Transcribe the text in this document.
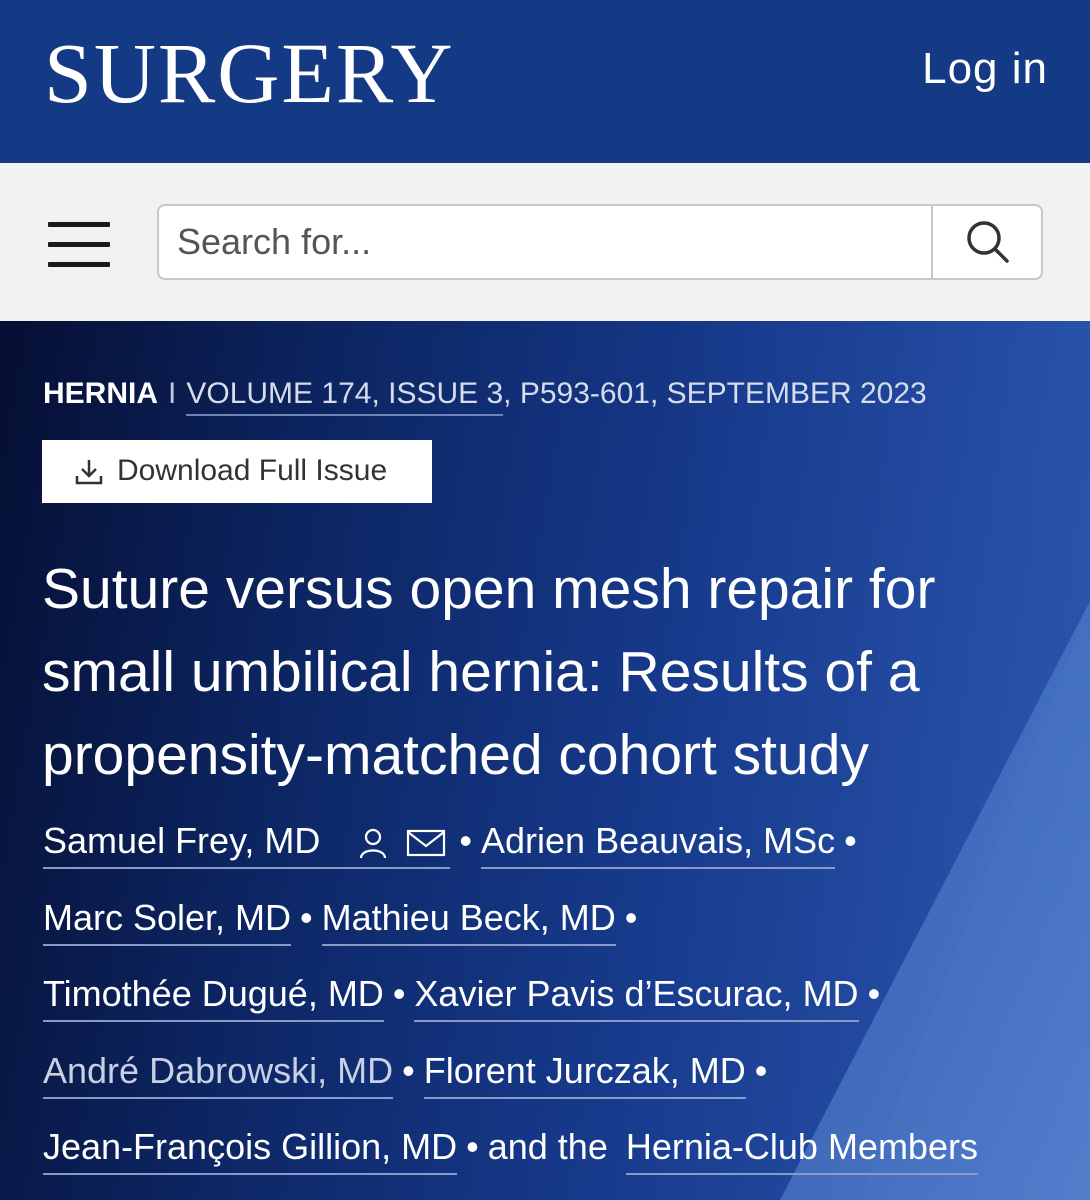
SURGERY	Log in
Search for...
HERNIA I VOLUME 174, ISSUE 3, P593-601, SEPTEMBER 2023
Download Full Issue
Suture versus open mesh repair for small umbilical hernia: Results of a propensity-matched cohort study
Samuel Frey, MD	• Adrien Beauvais, MSc •
Marc Soler, MD • Mathieu Beck, MD •
Timothée Dugué, MD • Xavier Pavis d’Escurac, MD •
André Dabrowski, MD • Florent Jurczak, MD •
Jean-François Gillion, MD • and the Hernia-Club Members
